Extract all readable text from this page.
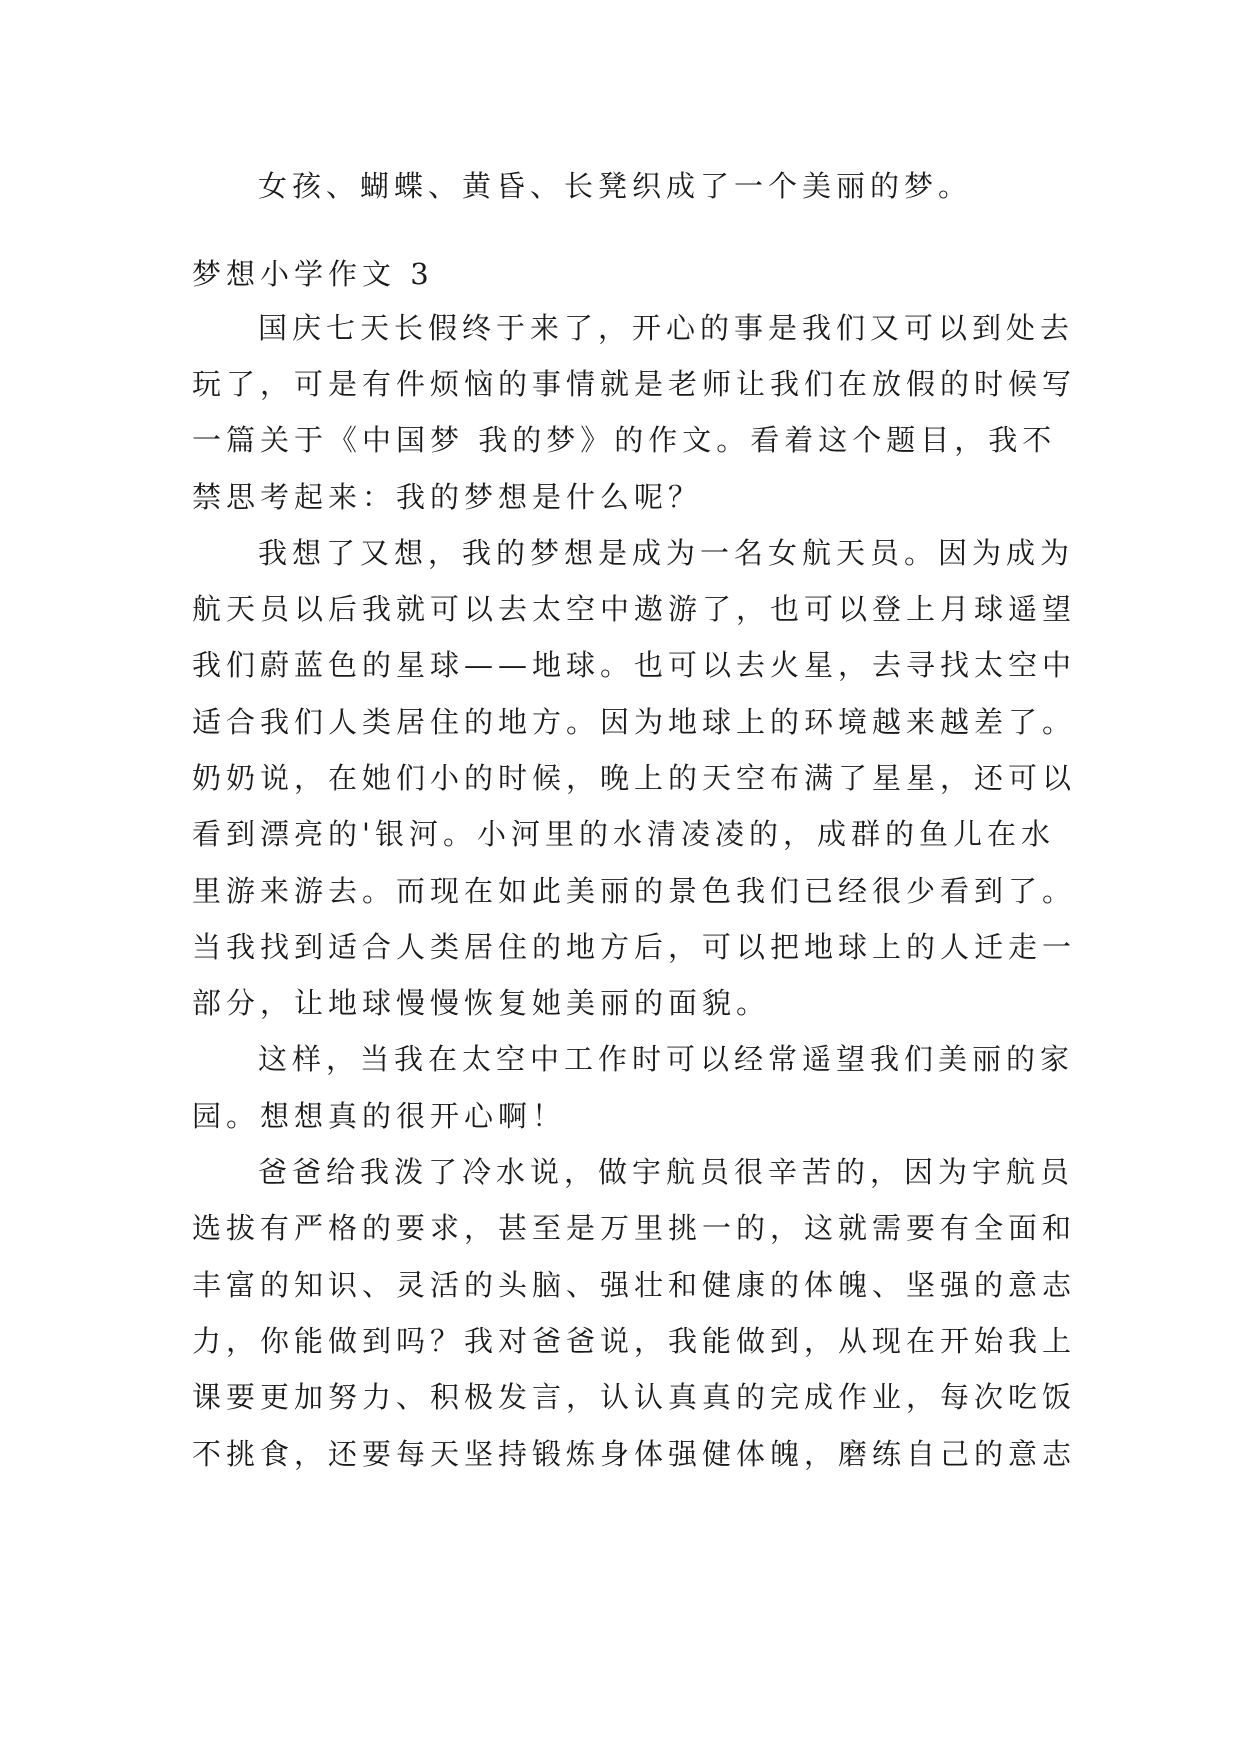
女孩、蝴蝶、黄昏、长凳织成了一个美丽的梦。
梦想小学作文 3
国庆七天长假终于来了，开心的事是我们又可以到处去
玩了，可是有件烦恼的事情就是老师让我们在放假的时候写
一篇关于《中国梦 我的梦》的作文。看着这个题目，我不
禁思考起来：我的梦想是什么呢？
我想了又想，我的梦想是成为一名女航天员。因为成为
航天员以后我就可以去太空中遨游了，也可以登上月球遥望
我们蔚蓝色的星球——地球。也可以去火星，去寻找太空中
适合我们人类居住的地方。因为地球上的环境越来越差了。
奶奶说，在她们小的时候，晚上的天空布满了星星，还可以
看到漂亮的'银河。小河里的水清凌凌的，成群的鱼儿在水
里游来游去。而现在如此美丽的景色我们已经很少看到了。
当我找到适合人类居住的地方后，可以把地球上的人迁走一
部分，让地球慢慢恢复她美丽的面貌。
这样，当我在太空中工作时可以经常遥望我们美丽的家
园。想想真的很开心啊！
爸爸给我泼了冷水说，做宇航员很辛苦的，因为宇航员
选拔有严格的要求，甚至是万里挑一的，这就需要有全面和
丰富的知识、灵活的头脑、强壮和健康的体魄、坚强的意志
力，你能做到吗？我对爸爸说，我能做到，从现在开始我上
课要更加努力、积极发言，认认真真的完成作业，每次吃饭
不挑食，还要每天坚持锻炼身体强健体魄，磨练自己的意志
